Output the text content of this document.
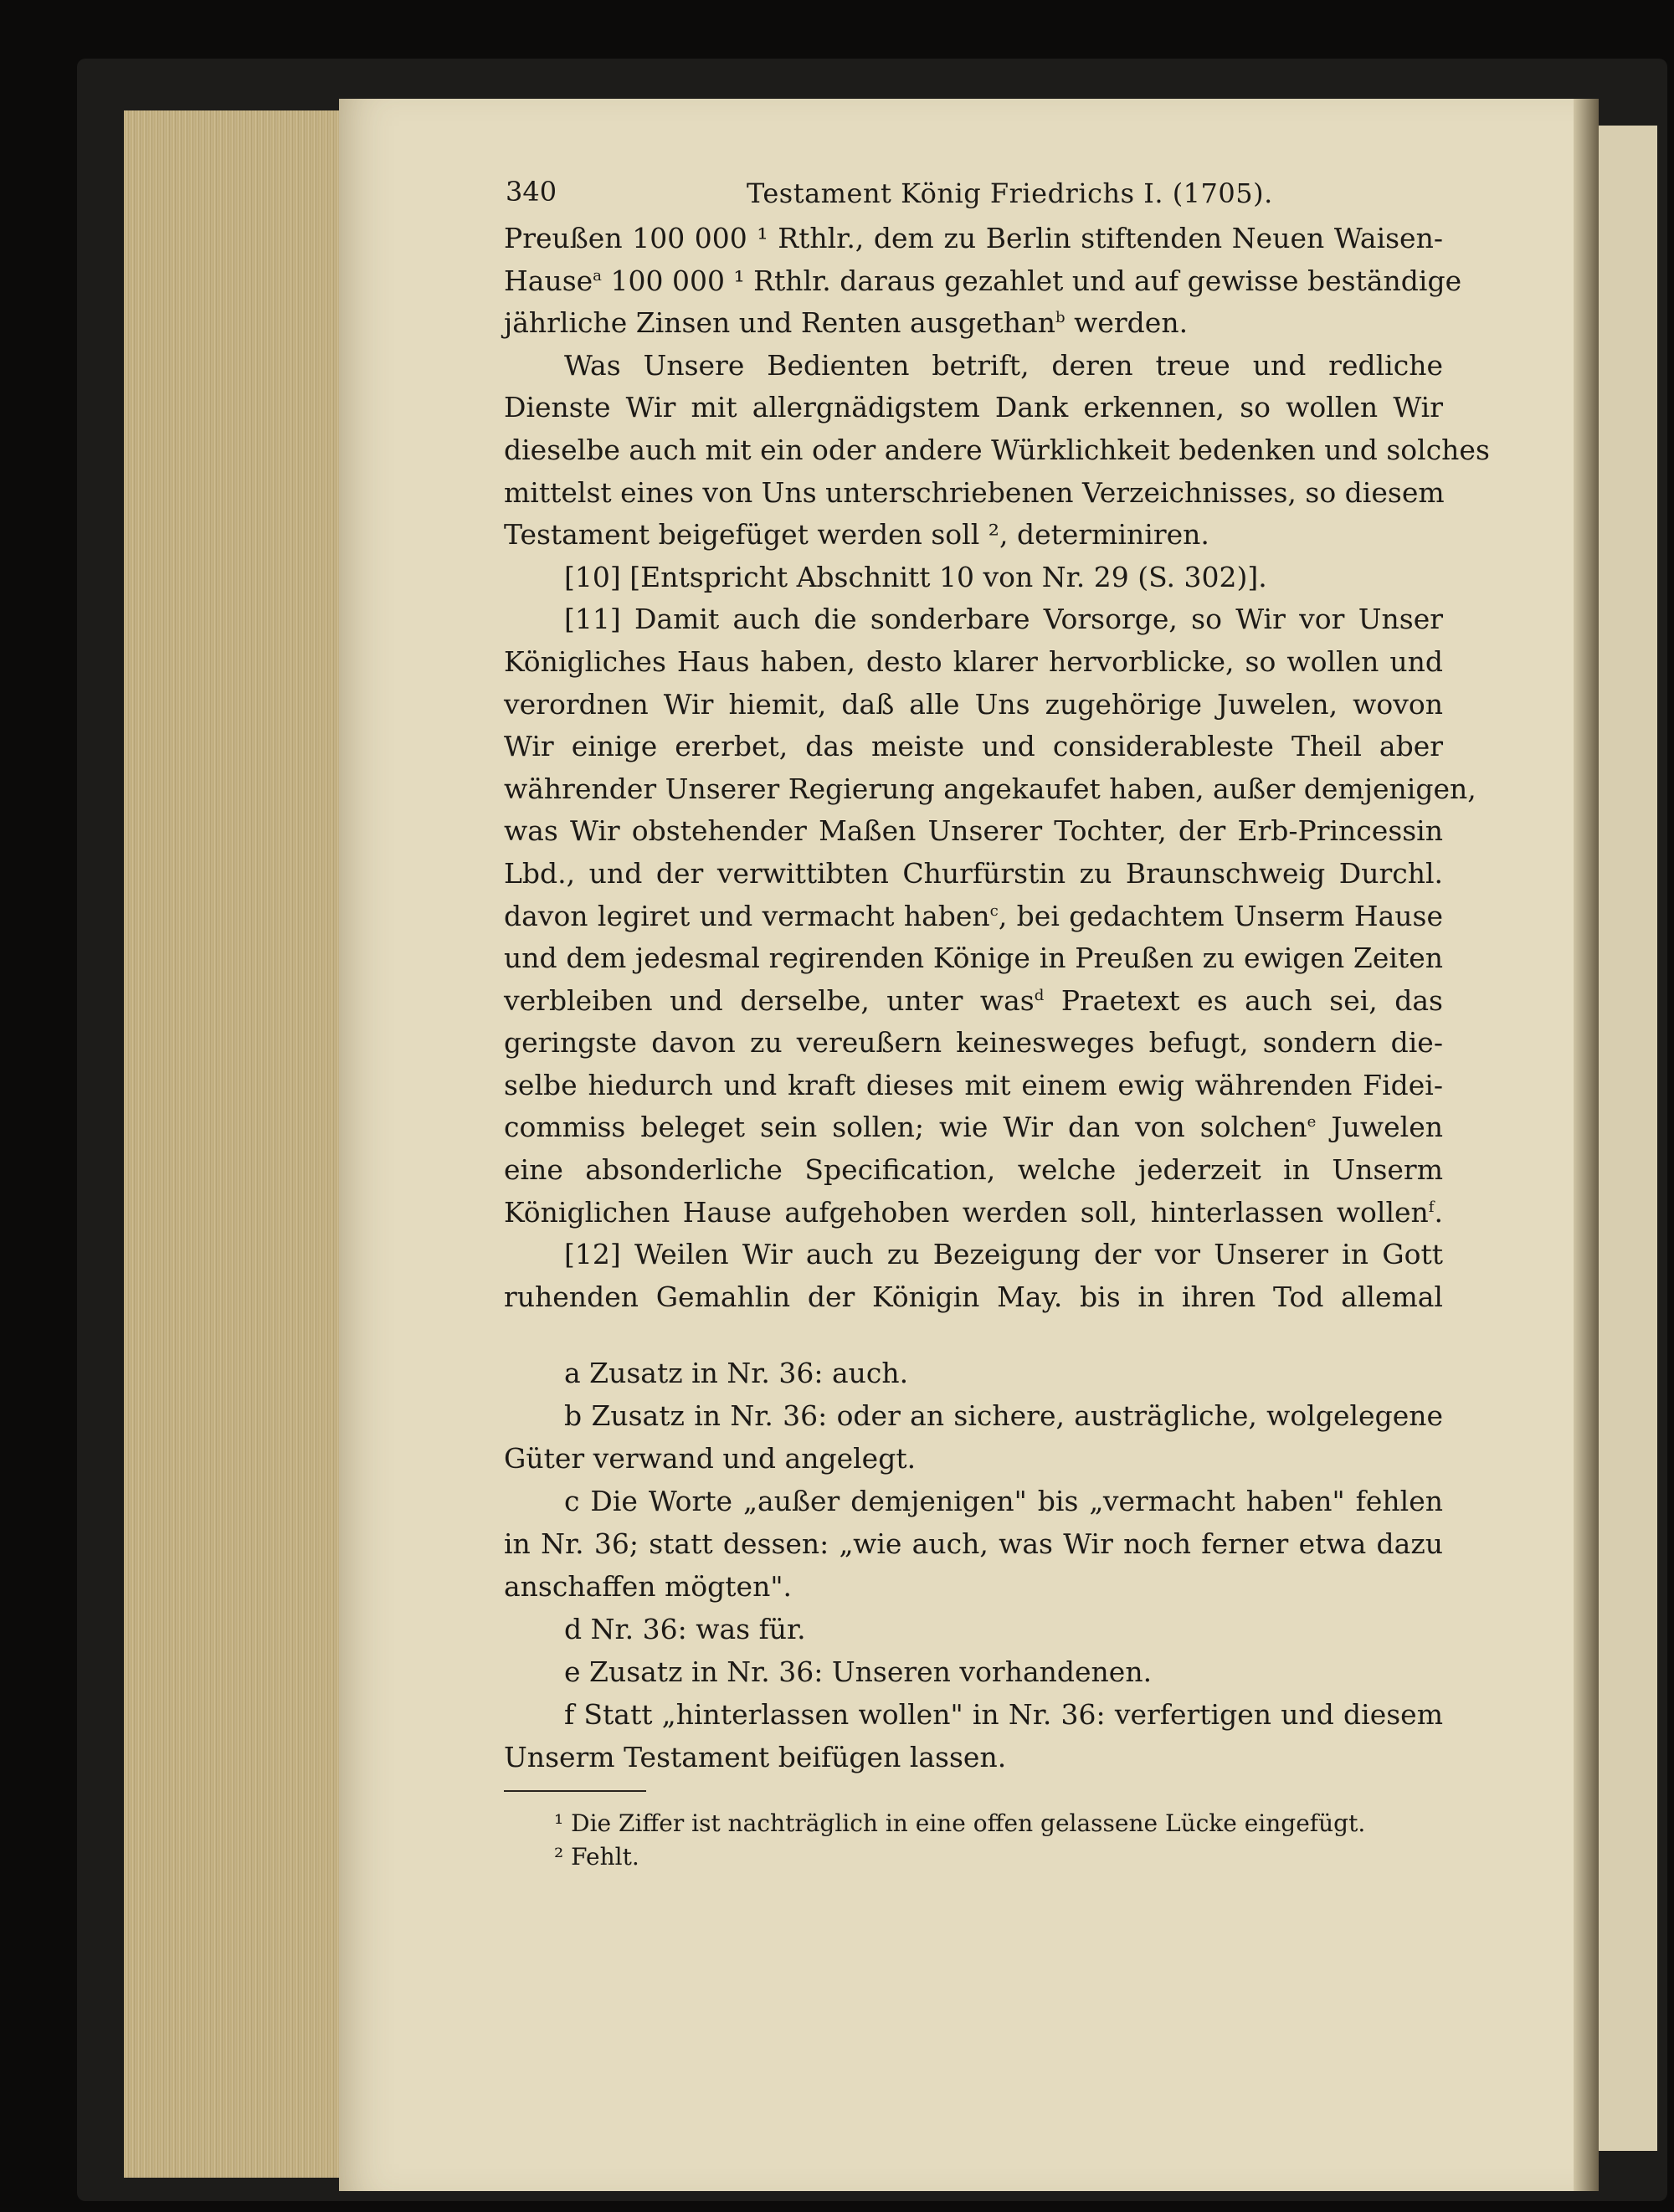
340	Testament König Friedrichs I. (1705).
Preußen 100 000 ¹ Rthlr., dem zu Berlin stiftenden Neuen Waisen-
Hause$^a$ 100 000 ¹ Rthlr. daraus gezahlet und auf gewisse beständige
jährliche Zinsen und Renten ausgethan$^b$ werden.
Was Unsere Bedienten betrift, deren treue und redliche
Dienste Wir mit allergnädigstem Dank erkennen, so wollen Wir
dieselbe auch mit ein oder andere Würklichkeit bedenken und solches
mittelst eines von Uns unterschriebenen Verzeichnisses, so diesem
Testament beigefüget werden soll ², determiniren.
[10] [Entspricht Abschnitt 10 von Nr. 29 (S. 302)].
[11] Damit auch die sonderbare Vorsorge, so Wir vor Unser
Königliches Haus haben, desto klarer hervorblicke, so wollen und
verordnen Wir hiemit, daß alle Uns zugehörige Juwelen, wovon
Wir einige ererbet, das meiste und considerableste Theil aber
währender Unserer Regierung angekaufet haben, außer demjenigen,
was Wir obstehender Maßen Unserer Tochter, der Erb-Princessin
Lbd., und der verwittibten Churfürstin zu Braunschweig Durchl.
davon legiret und vermacht haben$^c$, bei gedachtem Unserm Hause
und dem jedesmal regirenden Könige in Preußen zu ewigen Zeiten
verbleiben und derselbe, unter was$^d$ Praetext es auch sei, das
geringste davon zu vereußern keinesweges befugt, sondern die-
selbe hiedurch und kraft dieses mit einem ewig währenden Fidei-
commiss beleget sein sollen; wie Wir dan von solchen$^e$ Juwelen
eine absonderliche Specification, welche jederzeit in Unserm
Königlichen Hause aufgehoben werden soll, hinterlassen wollen$^f$.
[12] Weilen Wir auch zu Bezeigung der vor Unserer in Gott
ruhenden Gemahlin der Königin May. bis in ihren Tod allemal
a Zusatz in Nr. 36: auch.
b Zusatz in Nr. 36: oder an sichere, austrägliche, wolgelegene
Güter verwand und angelegt.
c Die Worte „außer demjenigen" bis „vermacht haben" fehlen
in Nr. 36; statt dessen: „wie auch, was Wir noch ferner etwa dazu
anschaffen mögten".
d Nr. 36: was für.
e Zusatz in Nr. 36: Unseren vorhandenen.
f Statt „hinterlassen wollen" in Nr. 36: verfertigen und diesem
Unserm Testament beifügen lassen.
¹ Die Ziffer ist nachträglich in eine offen gelassene Lücke eingefügt.
² Fehlt.
